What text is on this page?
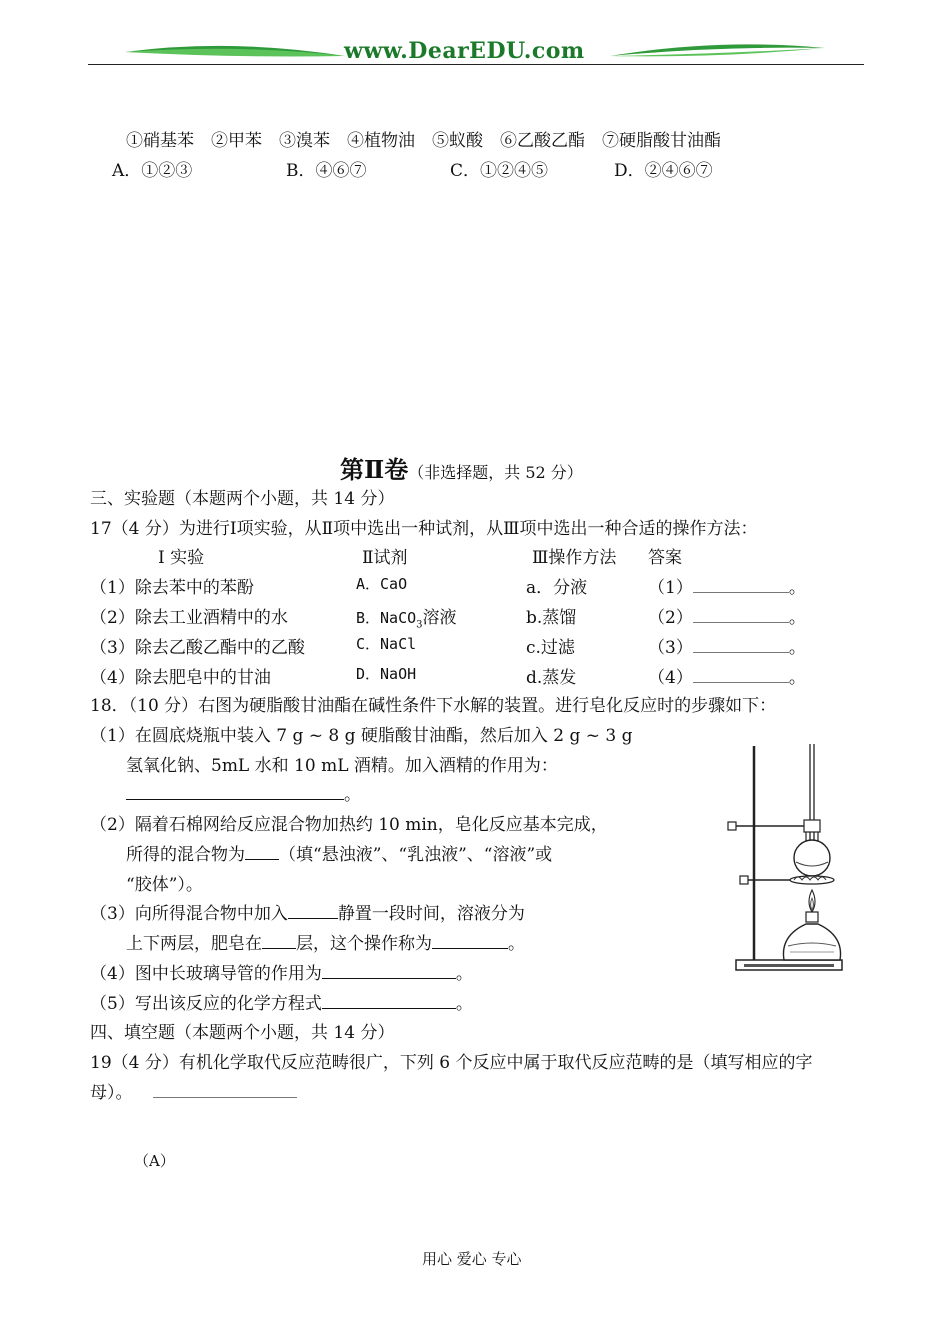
www.DearEDU.com
①硝基苯　②甲苯　③溴苯　④植物油　⑤蚁酸　⑥乙酸乙酯　⑦硬脂酸甘油酯
A．①②③	B．④⑥⑦	C．①②④⑤	D．②④⑥⑦
第Ⅱ卷（非选择题，共 52 分）
三、实验题（本题两个小题，共 14 分）
17（4 分）为进行Ⅰ项实验，从Ⅱ项中选出一种试剂，从Ⅲ项中选出一种合适的操作方法：
Ⅰ 实验	Ⅱ试剂	Ⅲ操作方法 答案
（1）除去苯中的苯酚	A．CaO	a．分液	（1）	。
（2）除去工业酒精中的水	B．NaCO$_3$溶液	b.蒸馏	（2）	。
（3）除去乙酸乙酯中的乙酸	C．NaCl	c.过滤	（3）	。
（4）除去肥皂中的甘油	D．NaOH	d.蒸发	（4）	。
18．（10 分）右图为硬脂酸甘油酯在碱性条件下水解的装置。进行皂化反应时的步骤如下：
（1）在圆底烧瓶中装入 7 g ~ 8 g 硬脂酸甘油酯，然后加入 2 g ~ 3 g
氢氧化钠、5mL 水和 10 mL 酒精。加入酒精的作用为：
。
（2）隔着石棉网给反应混合物加热约 10 min，皂化反应基本完成，
所得的混合物为 （填“悬浊液”、“乳浊液”、“溶液”或
“胶体”）。
（3）向所得混合物中加入	静置一段时间，溶液分为
上下两层，肥皂在 层，这个操作称为	。
（4）图中长玻璃导管的作用为	。
（5）写出该反应的化学方程式	。
四、填空题（本题两个小题，共 14 分）
19（4 分）有机化学取代反应范畴很广，下列 6 个反应中属于取代反应范畴的是（填写相应的字
母）。
（A）
用心 爱心 专心
